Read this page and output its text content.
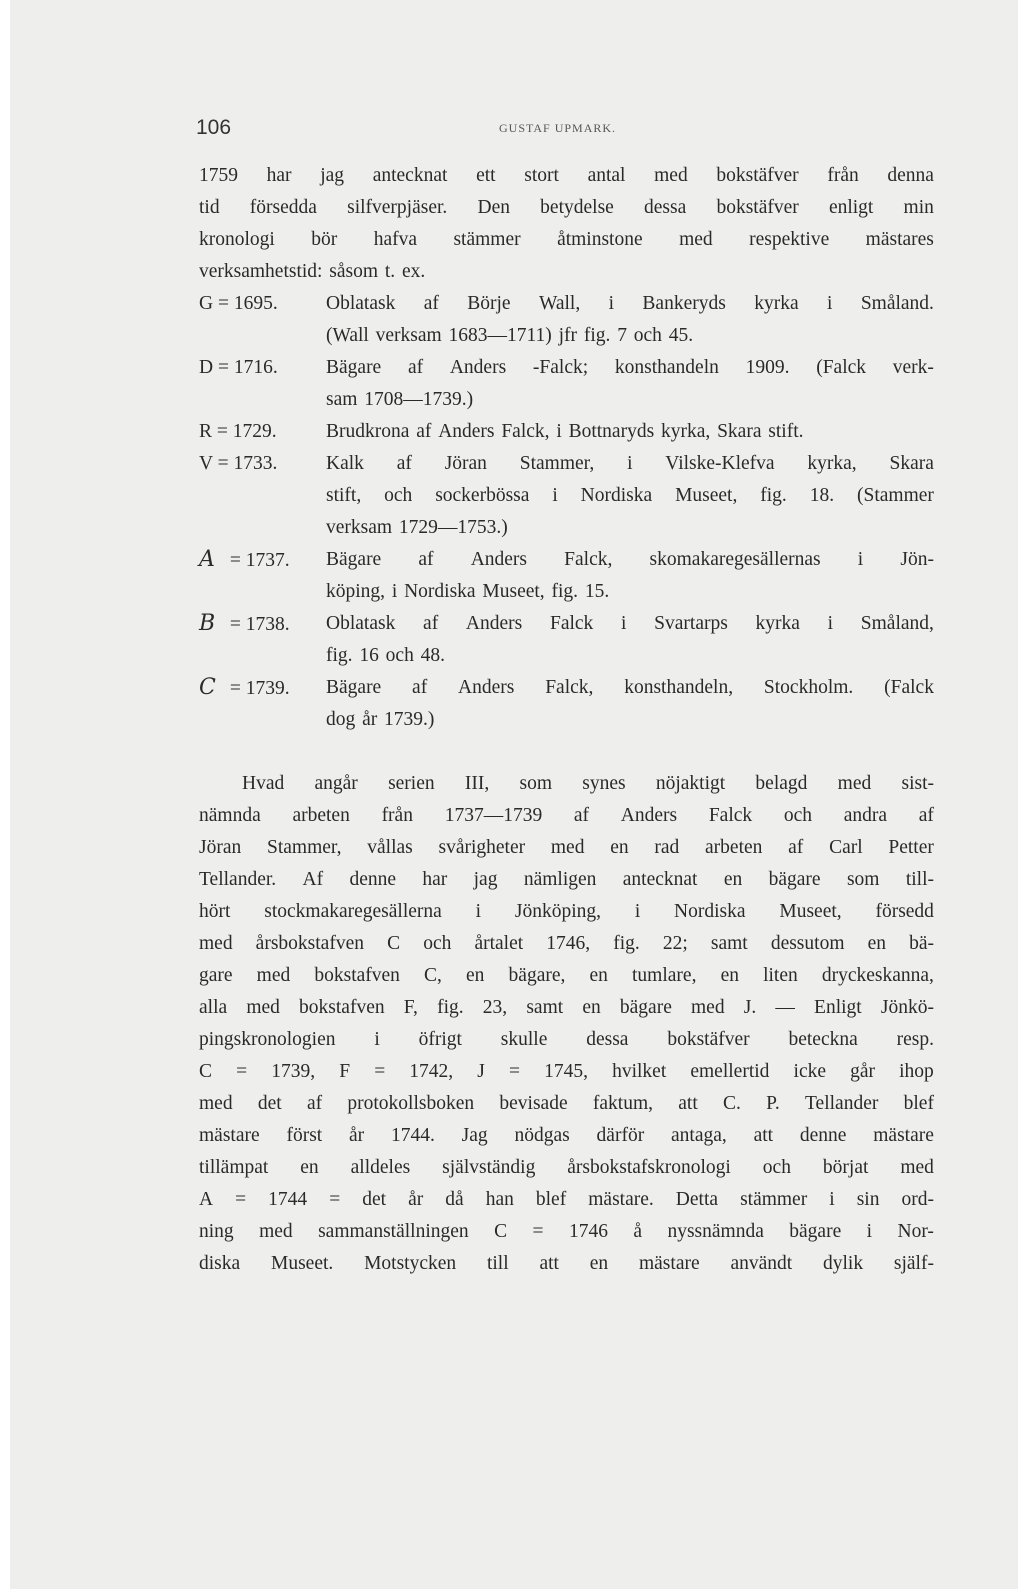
106	GUSTAF UPMARK.
1759 har jag antecknat ett stort antal med bokstäfver från denna
tid försedda silfverpjäser. Den betydelse dessa bokstäfver enligt min
kronologi bör hafva stämmer åtminstone med respektive mästares
verksamhetstid: såsom t. ex.
G = 1695.	Oblatask af Börje Wall, i Bankeryds kyrka i Småland.
(Wall verksam 1683—1711) jfr fig. 7 och 45.
D = 1716.	Bägare af Anders -Falck; konsthandeln 1909. (Falck verk-
sam 1708—1739.)
R = 1729.	Brudkrona af Anders Falck, i Bottnaryds kyrka, Skara stift.
V = 1733.	Kalk af Jöran Stammer, i Vilske-Klefva kyrka, Skara
stift, och sockerbössa i Nordiska Museet, fig. 18. (Stammer
verksam 1729—1753.)
A = 1737.	Bägare af Anders Falck, skomakaregesällernas i Jön-
köping, i Nordiska Museet, fig. 15.
B = 1738.	Oblatask af Anders Falck i Svartarps kyrka i Småland,
fig. 16 och 48.
C = 1739.	Bägare af Anders Falck, konsthandeln, Stockholm. (Falck
dog år 1739.)
Hvad angår serien III, som synes nöjaktigt belagd med sist-
nämnda arbeten från 1737—1739 af Anders Falck och andra af
Jöran Stammer, vållas svårigheter med en rad arbeten af Carl Petter
Tellander. Af denne har jag nämligen antecknat en bägare som till-
hört stockmakaregesällerna i Jönköping, i Nordiska Museet, försedd
med årsbokstafven C och årtalet 1746, fig. 22; samt dessutom en bä-
gare med bokstafven C, en bägare, en tumlare, en liten dryckeskanna,
alla med bokstafven F, fig. 23, samt en bägare med J. — Enligt Jönkö-
pingskronologien i öfrigt skulle dessa bokstäfver beteckna resp.
C = 1739, F = 1742, J = 1745, hvilket emellertid icke går ihop
med det af protokollsboken bevisade faktum, att C. P. Tellander blef
mästare först år 1744. Jag nödgas därför antaga, att denne mästare
tillämpat en alldeles självständig årsbokstafskronologi och börjat med
A = 1744 = det år då han blef mästare. Detta stämmer i sin ord-
ning med sammanställningen C = 1746 å nyssnämnda bägare i Nor-
diska Museet. Motstycken till att en mästare användt dylik själf-
